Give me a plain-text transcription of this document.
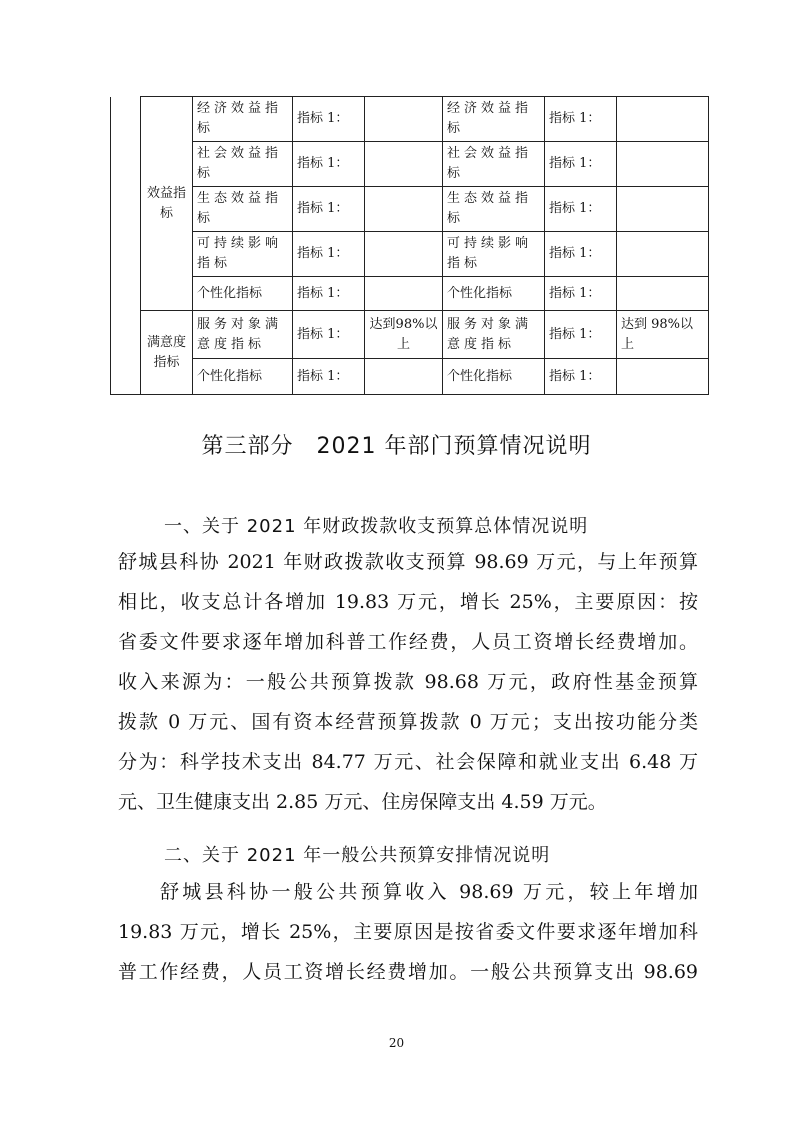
	效益指标	经济效益指标	指标 1：		经济效益指标	指标 1：	
		社会效益指标	指标 1：		社会效益指标	指标 1：	
		生态效益指标	指标 1：		生态效益指标	指标 1：	
		可持续影响指标	指标 1：		可持续影响指标	指标 1：	
		个性化指标	指标 1：		个性化指标	指标 1：	
	满意度指标	服务对象满意度指标	指标 1：	达到98%以上	服务对象满意度指标	指标 1：	达到 98%以上
		个性化指标	指标 1：		个性化指标	指标 1：	
第三部分　2021 年部门预算情况说明
一、关于 2021 年财政拨款收支预算总体情况说明
舒城县科协 2021 年财政拨款收支预算 98.69 万元，与上年预算
相比，收支总计各增加 19.83 万元，增长 25%，主要原因：按
省委文件要求逐年增加科普工作经费，人员工资增长经费增加。
收入来源为：一般公共预算拨款 98.68 万元，政府性基金预算
拨款 0 万元、国有资本经营预算拨款 0 万元；支出按功能分类
分为：科学技术支出 84.77 万元、社会保障和就业支出 6.48 万
元、卫生健康支出 2.85 万元、住房保障支出 4.59 万元。
二、关于 2021 年一般公共预算安排情况说明
舒城县科协一般公共预算收入 98.69 万元，较上年增加
19.83 万元，增长 25%，主要原因是按省委文件要求逐年增加科
普工作经费，人员工资增长经费增加。一般公共预算支出 98.69
20
